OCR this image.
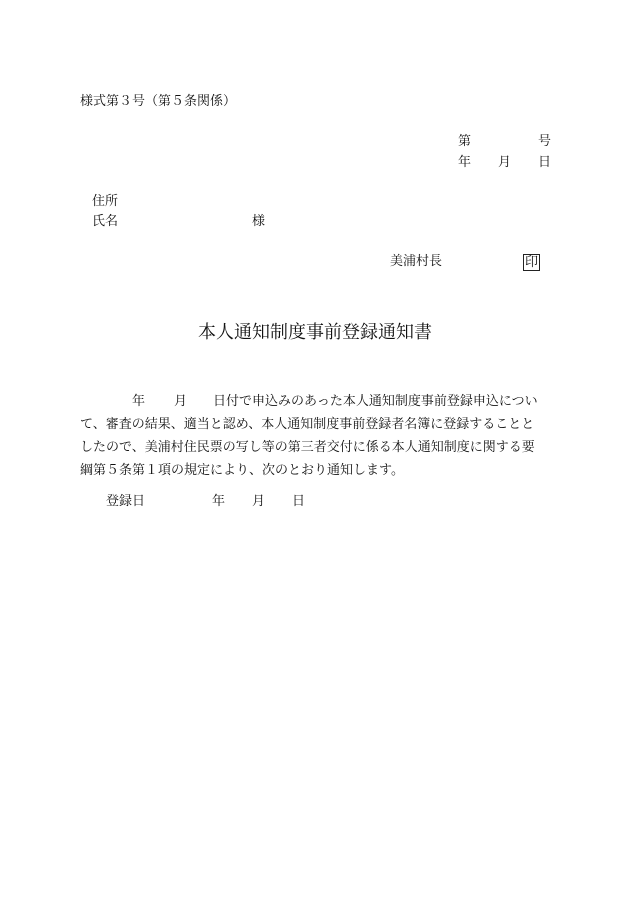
様式第３号（第５条関係）
第	号
年 月 日
住所
氏名	様
美浦村長	印
本人通知制度事前登録通知書
年 月 日付で申込みのあった本人通知制度事前登録申込につい
て、審査の結果、適当と認め、本人通知制度事前登録者名簿に登録することと
したので、美浦村住民票の写し等の第三者交付に係る本人通知制度に関する要
綱第５条第１項の規定により、次のとおり通知します。
登録日	年 月 日
